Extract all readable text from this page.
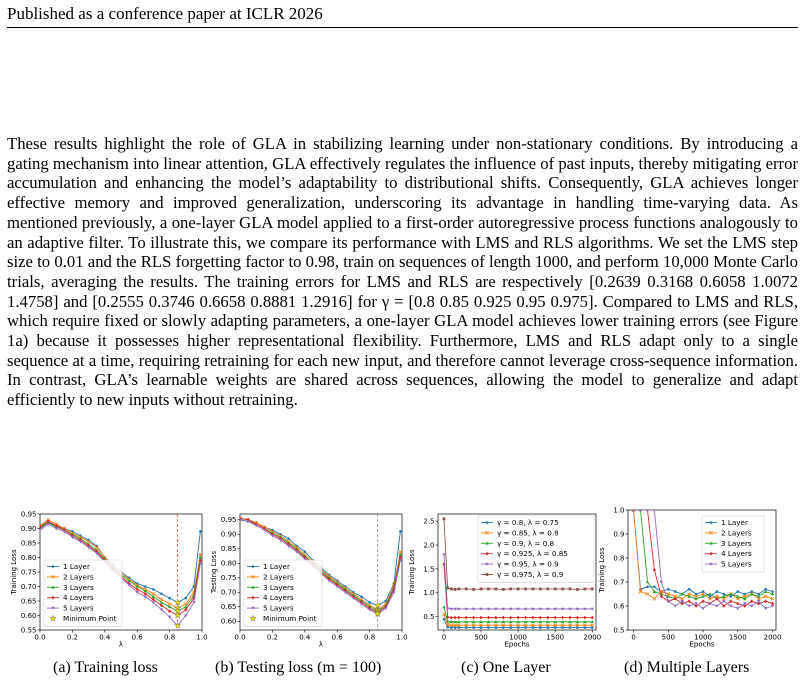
Published as a conference paper at ICLR 2026

These results highlight the role of GLA in stabilizing learning under non-stationary conditions. By introducing a gating mechanism into linear attention, GLA effectively regulates the influence of past inputs, thereby mitigating error accumulation and enhancing the model’s adaptability to distributional shifts. Consequently, GLA achieves longer effective memory and improved generalization, underscoring its advantage in handling time-varying data. As mentioned previously, a one-layer GLA model applied to a first-order autoregressive process functions analogously to an adaptive filter. To illustrate this, we compare its performance with LMS and RLS algorithms. We set the LMS step size to 0.01 and the RLS forgetting factor to 0.98, train on sequences of length 1000, and perform 10,000 Monte Carlo trials, averaging the results. The training errors for LMS and RLS are respectively [0.2639 0.3168 0.6058 1.0072 1.4758] and [0.2555 0.3746 0.6658 0.8881 1.2916] for γ = [0.8 0.85 0.925 0.95 0.975]. Compared to LMS and RLS, which require fixed or slowly adapting parameters, a one-layer GLA model achieves lower training errors (see Figure 1a) because it possesses higher representational flexibility. Furthermore, LMS and RLS adapt only to a single sequence at a time, requiring retraining for each new input, and therefore cannot leverage cross-sequence information. In contrast, GLA’s learnable weights are shared across sequences, allowing the model to generalize and adapt efficiently to new inputs without retraining.

0.55
0.60
0.65
0.70
0.75
0.80
0.85
0.90
0.95
0.0	0.2	0.4	0.6	0.8	1.0
λ
Training Loss	1 Layer
2 Layers
3 Layers
4 Layers
5 Layers
Minimum Point	0.60
0.65
0.70
0.75
0.80
0.85
0.90
0.95
0.0	0.2	0.4	0.6	0.8	1.0
λ
Testing Loss	1 Layer
2 Layers
3 Layers
4 Layers
5 Layers
Minimum Point	0.5
1.0
1.5
2.0
2.5
0	500	1000	1500	2000
Epochs
Training Loss
γ = 0.8, λ = 0.75
γ = 0.85, λ = 0.8
γ = 0.9, λ = 0.8
γ = 0.925, λ = 0.85
γ = 0.95, λ = 0.9
γ = 0.975, λ = 0.9
0.5
0.6
0.7
0.8
0.9
1.0
0	500	1000 1500 2000
Epochs
Training Loss
1 Layer
2 Layers
3 Layers
4 Layers
5 Layers
(a) Training loss	(b) Testing loss (m = 100)	(c) One Layer	(d) Multiple Layers
